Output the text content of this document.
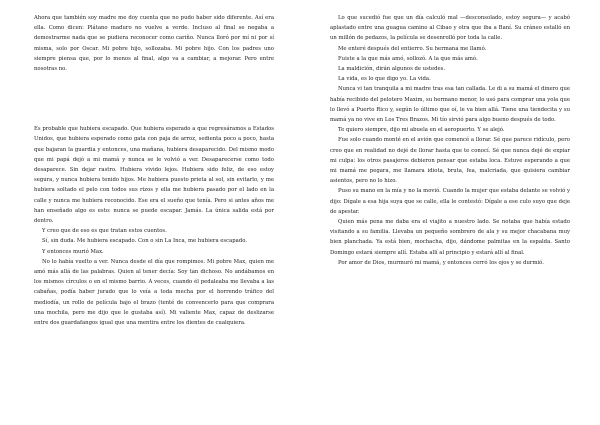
Ahora que también soy madre me doy cuenta que no pudo haber sido diferente. Así era ella. Como dicen: Plátano maduro no vuelve a verde. Incluso al final se negaba a demostrarme nada que se pudiera reconocer como cariño. Nunca lloró por mí ni por sí misma, solo por Oscar. Mi pobre hijo, sollozaba. Mi pobre hijo. Con los padres uno siempre piensa que, por lo menos al final, algo va a cambiar, a mejorar. Pero entre nosotras no.

Es probable que hubiera escapado. Que hubiera esperado a que regresáramos a Estados Unidos, que hubiera esperado como gata con paja de arroz, sedienta poco a poco, hasta que bajaran la guardia y entonces, una mañana, hubiera desaparecido. Del mismo modo que mi papá dejó a mi mamá y nunca se le volvió a ver. Desaparecerse como todo desaparece. Sin dejar rastro. Hubiera vivido lejos. Hubiera sido feliz, de eso estoy segura, y nunca hubiera tenido hijos. Me hubiera puesto prieta al sol, sin evitarlo, y me hubiera soltado el pelo con todos sus rizos y ella me hubiera pasado por el lado en la calle y nunca me hubiera reconocido. Ese era el sueño que tenía. Pero si antes años me han enseñado algo es esto: nunca se puede escapar. Jamás. La única salida está por dentro.

Y creo que de eso es que tratan estos cuentos.

Sí, sin duda. Me hubiera escapado. Con o sin La Inca, me hubiera escapado.

Y entonces murió Max.

No lo había vuelto a ver. Nunca desde el día que rompimos. Mi pobre Max, quien me amó más allá de las palabras. Quien al tener decía: Soy tan dichoso. No andábamos en los mismos círculos o en el mismo barrio. A veces, cuando él pedaleaba me llevaba a las cabañas, podía haber jurado que lo veía a toda mecha por el horrendo tráfico del mediodía, un rollo de película bajo el brazo (tenté de convencerlo para que comprara una mochila, pero me dijo que le gustaba así). Mi valiente Max, capaz de deslizarse entre dos guardafangos igual que una mentira entre los dientes de cualquiera.

Lo que sucedió fue que un día calculó mal —desconsolado, estoy segura— y acabó aplastado entre una guagua camino al Cibao y otra que iba a Baní. Su cráneo estalló en un millón de pedazos, la película se desenrolló por toda la calle.

Me enteré después del entierro. Su hermana me llamó.

Fuiste a la que más amó, sollozó. A la que más amó.

La maldición, dirán algunos de ustedes.

La vida, es lo que digo yo. La vida.

Nunca vi tan tranquila a mi madre tras esa tan callada. Le di a su mamá el dinero que había recibido del pelotero Maxim, su hermano menor, lo usó para comprar una yola que lo llevó a Puerto Rico y, según lo último que oí, le va bien allá. Tiene una tiendecita y su mamá ya no vive en Los Tres Brazos. Mi tío sirvió para algo bueno después de todo.

Te quiero siempre, dijo mi abuela en el aeropuerto. Y se alejó.

Fue solo cuando monté en el avión que comencé a llorar. Sé que parece ridículo, pero creo que en realidad no dejé de llorar hasta que te conocí. Sé que nunca dejé de expiar mi culpa: los otros pasajeros debieron pensar que estaba loca. Estuve esperando a que mi mamá me pegara, me llamara idiota, bruta, fea, malcriada, que quisiera cambiar asientos, pero no lo hizo.

Puso su mano en la mía y no la movió. Cuando la mujer que estaba delante se volvió y dijo: Dígale a esa hija suya que se calle, ella le contestó: Dígale a ese culo suyo que deje de apestar.

Quien más pena me daba era el viajito a nuestro lado. Se notaba que había estado visitando a su familia. Llevaba un pequeño sombrero de ala y su mejor chacabana muy bien planchada. Ya está bien, mochacha, dijo, dándome palmitas en la espalda. Santo Domingo estará siempre allí. Estaba allí al principio y estará allí al final.

Por amor de Dios, murmuró mi mamá, y entonces cerró los ojos y se durmió.
